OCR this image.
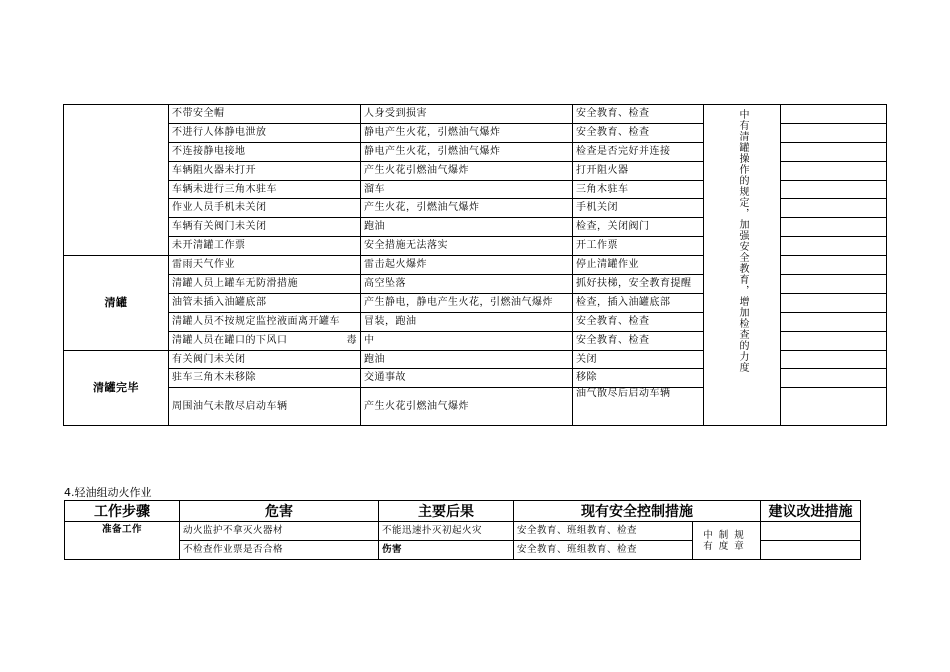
	不带安全帽	人身受到损害	安全教育、检查	中有清罐操作的规定，加强安全教育，增加检查的力度	
	不进行人体静电泄放	静电产生火花，引燃油气爆炸	安全教育、检查		
	不连接静电接地	静电产生火花，引燃油气爆炸	检查是否完好并连接		
	车辆阻火器未打开	产生火花引燃油气爆炸	打开阻火器		
	车辆未进行三角木驻车	溜车	三角木驻车		
	作业人员手机未关闭	产生火花，引燃油气爆炸	手机关闭		
	车辆有关阀门未关闭	跑油	检查，关闭阀门		
	未开清罐工作票	安全措施无法落实	开工作票		
清罐	雷雨天气作业	雷击起火爆炸	停止清罐作业		
	清罐人员上罐车无防滑措施	高空坠落	抓好扶梯，安全教育提醒		
	油管未插入油罐底部	产生静电，静电产生火花，引燃油气爆炸	检查，插入油罐底部		
	清罐人员不按规定监控液面离开罐车	冒装，跑油	安全教育、检查		
	清罐人员在罐口的下风口 毒	中	安全教育、检查		
清罐完毕	有关阀门未关闭	跑油	关闭		
	驻车三角木未移除	交通事故	移除		
	周围油气未散尽启动车辆	产生火花引燃油气爆炸	油气散尽后启动车辆		
4.轻油组动火作业
工作步骤	危害	主要后果	现有安全控制措施		建议改进措施
准备工作	动火监护不拿灭火器材	不能迅速扑灭初起火灾	安全教育、班组教育、检查	中制规有度章	
	不检查作业票是否合格	伤害	安全教育、班组教育、检查		
